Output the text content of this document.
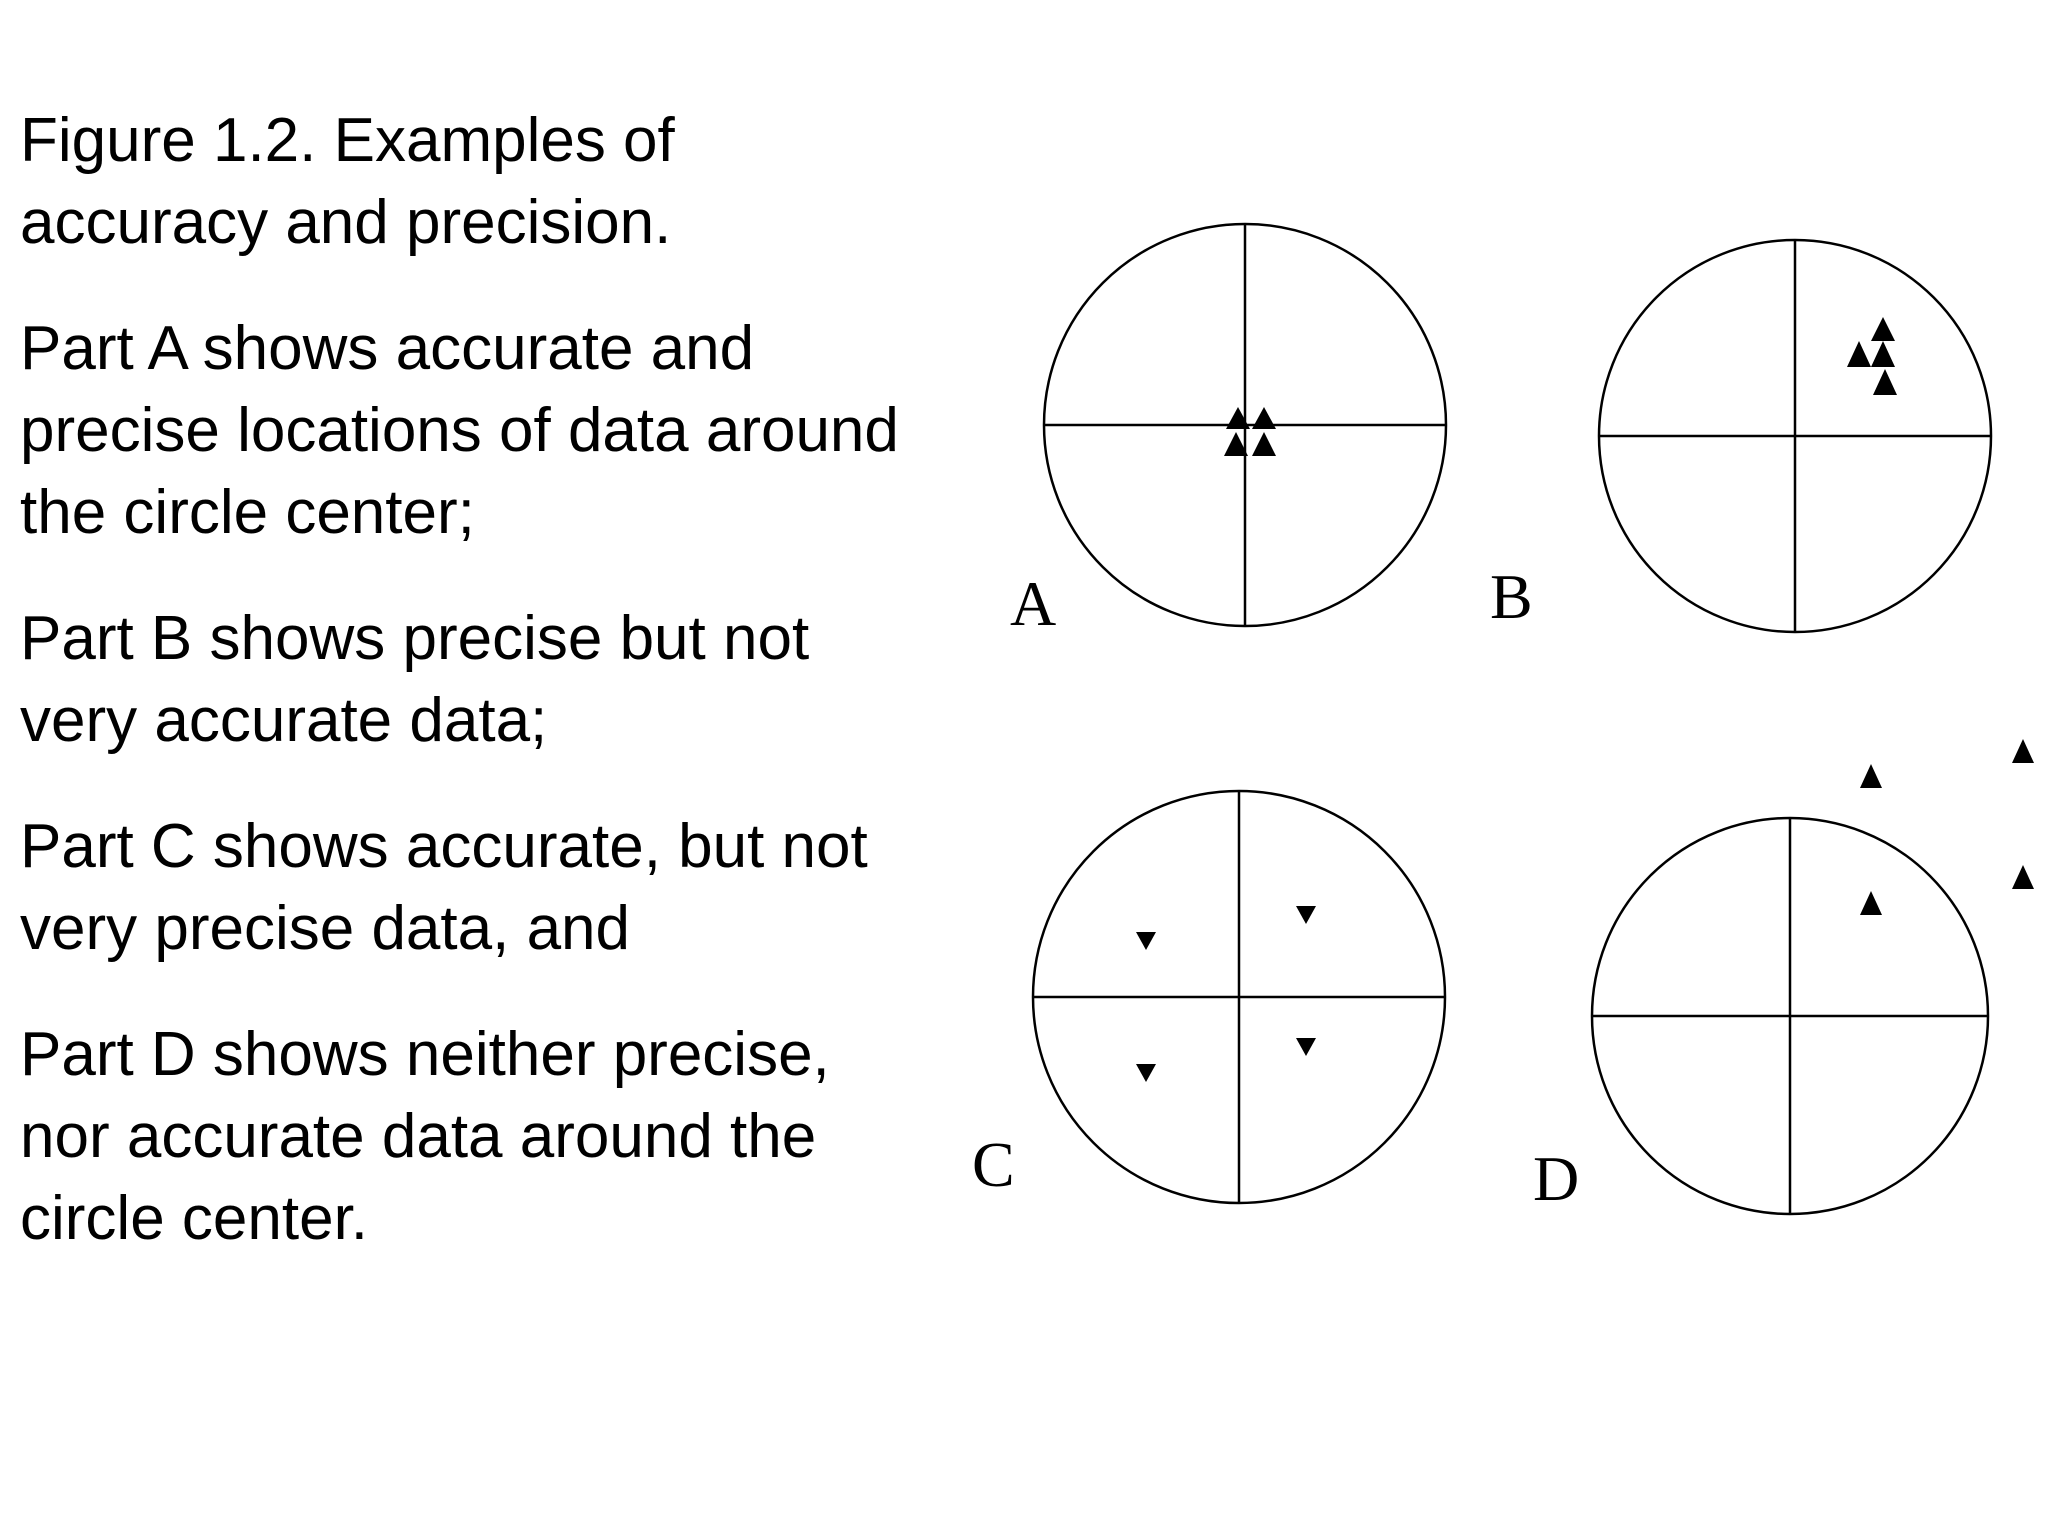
Figure 1.2. Examples of
accuracy and precision.

Part A shows accurate and
precise locations of data around
the circle center;

Part B shows precise but not
very accurate data;

Part C shows accurate, but not
very precise data, and

Part D shows neither precise,
nor accurate data around the
circle center.

A	B
C	D
